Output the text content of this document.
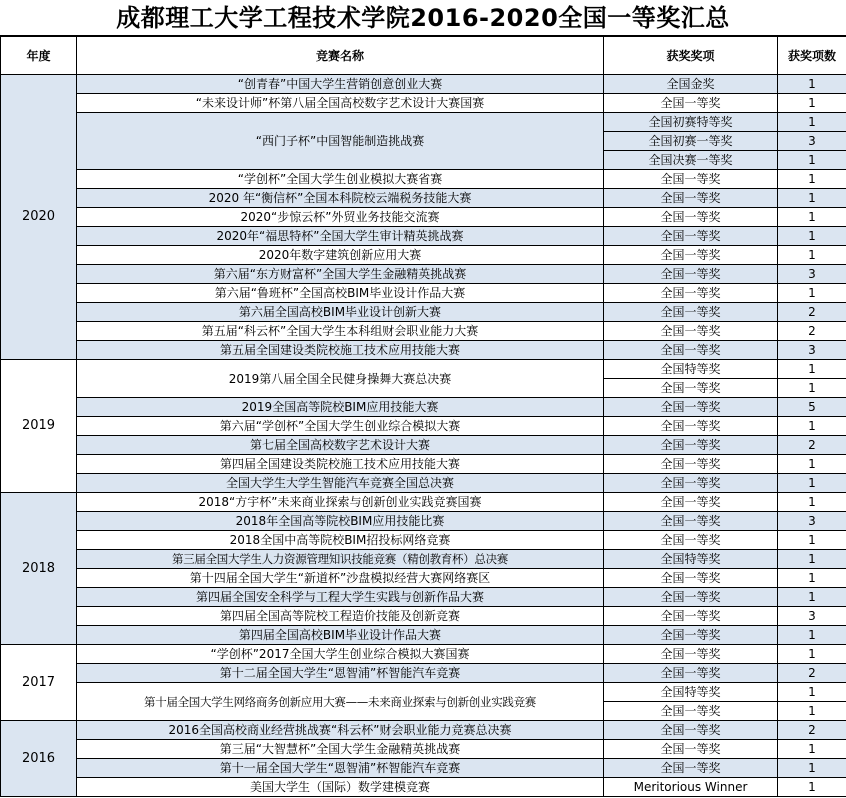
成都理工大学工程技术学院2016-2020全国一等奖汇总
年度	竞赛名称	获奖奖项	获奖项数
2020	“创青春”中国大学生营销创意创业大赛	全国金奖	1
	“未来设计师”杯第八届全国高校数字艺术设计大赛国赛	全国一等奖	1
	“西门子杯”中国智能制造挑战赛	全国初赛特等奖	1
		全国初赛一等奖	3
		全国决赛一等奖	1
	“学创杯”全国大学生创业模拟大赛省赛	全国一等奖	1
	2020 年“衡信杯”全国本科院校云端税务技能大赛	全国一等奖	1
	2020“步惊云杯”外贸业务技能交流赛	全国一等奖	1
	2020年“福思特杯”全国大学生审计精英挑战赛	全国一等奖	1
	2020年数字建筑创新应用大赛	全国一等奖	1
	第六届“东方财富杯”全国大学生金融精英挑战赛	全国一等奖	3
	第六届“鲁班杯”全国高校BIM毕业设计作品大赛	全国一等奖	1
	第六届全国高校BIM毕业设计创新大赛	全国一等奖	2
	第五届“科云杯”全国大学生本科组财会职业能力大赛	全国一等奖	2
	第五届全国建设类院校施工技术应用技能大赛	全国一等奖	3
2019	2019第八届全国全民健身操舞大赛总决赛	全国特等奖	1
		全国一等奖	1
	2019全国高等院校BIM应用技能大赛	全国一等奖	5
	第六届“学创杯”全国大学生创业综合模拟大赛	全国一等奖	1
	第七届全国高校数字艺术设计大赛	全国一等奖	2
	第四届全国建设类院校施工技术应用技能大赛	全国一等奖	1
	全国大学生大学生智能汽车竞赛全国总决赛	全国一等奖	1
2018	2018“方宇杯”未来商业探索与创新创业实践竞赛国赛	全国一等奖	1
	2018年全国高等院校BIM应用技能比赛	全国一等奖	3
	2018全国中高等院校BIM招投标网络竞赛	全国一等奖	1
	第三届全国大学生人力资源管理知识技能竞赛（精创教育杯）总决赛	全国特等奖	1
	第十四届全国大学生“新道杯”沙盘模拟经营大赛网络赛区	全国一等奖	1
	第四届全国安全科学与工程大学生实践与创新作品大赛	全国一等奖	1
	第四届全国高等院校工程造价技能及创新竞赛	全国一等奖	3
	第四届全国高校BIM毕业设计作品大赛	全国一等奖	1
2017	“学创杯”2017全国大学生创业综合模拟大赛国赛	全国一等奖	1
	第十二届全国大学生“恩智浦”杯智能汽车竞赛	全国一等奖	2
	第十届全国大学生网络商务创新应用大赛——未来商业探索与创新创业实践竞赛	全国特等奖	1
		全国一等奖	1
2016	2016全国高校商业经营挑战赛“科云杯”财会职业能力竞赛总决赛	全国一等奖	2
	第三届“大智慧杯”全国大学生金融精英挑战赛	全国一等奖	1
	第十一届全国大学生“恩智浦”杯智能汽车竞赛	全国一等奖	1
	美国大学生（国际）数学建模竞赛	Meritorious Winner	1
